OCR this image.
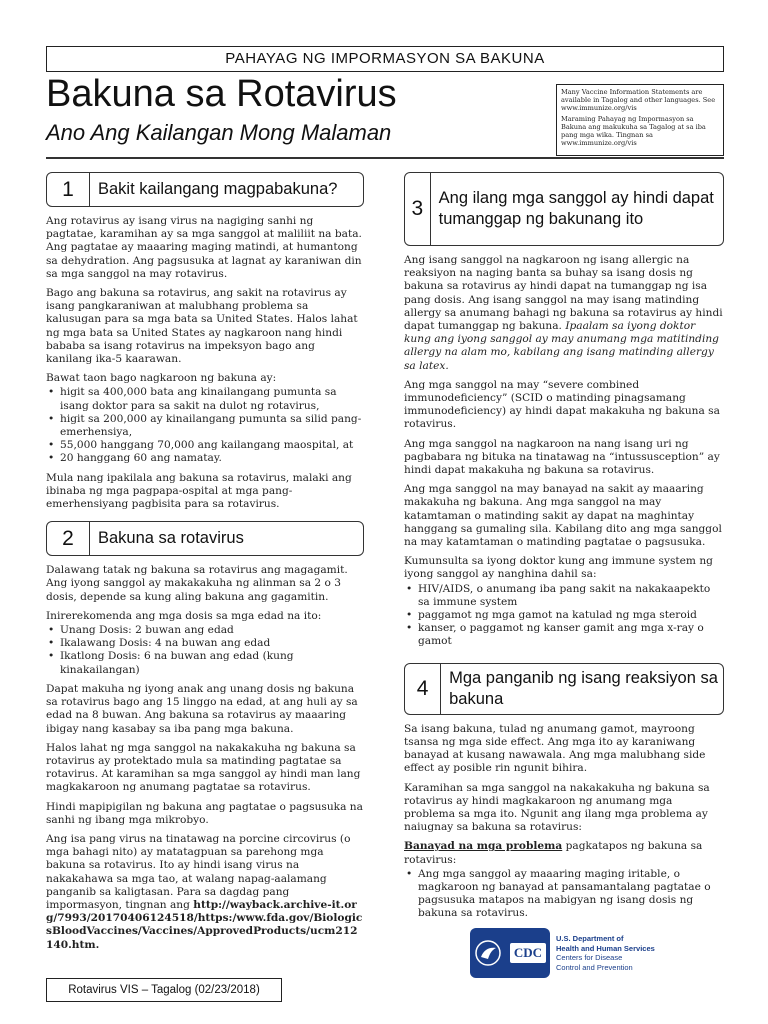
PAHAYAG NG IMPORMASYON SA BAKUNA
Bakuna sa Rotavirus
Ano Ang Kailangan Mong Malaman

Many Vaccine Information Statements are available in Tagalog and other languages. See www.immunize.org/vis

Maraming Pahayag ng Impormasyon sa Bakuna ang makukuha sa Tagalog at sa iba pang mga wika. Tingnan sa www.immunize.org/vis

1	Bakit kailangang magpabakuna?

Ang rotavirus ay isang virus na nagiging sanhi ng pagtatae, karamihan ay sa mga sanggol at maliliit na bata. Ang pagtatae ay maaaring maging matindi, at humantong sa dehydration. Ang pagsusuka at lagnat ay karaniwan din sa mga sanggol na may rotavirus.

Bago ang bakuna sa rotavirus, ang sakit na rotavirus ay isang pangkaraniwan at malubhang problema sa kalusugan para sa mga bata sa United States. Halos lahat ng mga bata sa United States ay nagkaroon nang hindi bababa sa isang rotavirus na impeksyon bago ang kanilang ika-5 kaarawan.

Bawat taon bago nagkaroon ng bakuna ay:

• higit sa 400,000 bata ang kinailangang pumunta sa isang doktor para sa sakit na dulot ng rotavirus,
• higit sa 200,000 ay kinailangang pumunta sa silid pang-emerhensiya,
• 55,000 hanggang 70,000 ang kailangang maospital, at
• 20 hanggang 60 ang namatay.

Mula nang ipakilala ang bakuna sa rotavirus, malaki ang ibinaba ng mga pagpapa-ospital at mga pang-emerhensiyang pagbisita para sa rotavirus.

2	Bakuna sa rotavirus

Dalawang tatak ng bakuna sa rotavirus ang magagamit. Ang iyong sanggol ay makakakuha ng alinman sa 2 o 3 dosis, depende sa kung aling bakuna ang gagamitin.

Inirerekomenda ang mga dosis sa mga edad na ito:

• Unang Dosis: 2 buwan ang edad
• Ikalawang Dosis: 4 na buwan ang edad
• Ikatlong Dosis: 6 na buwan ang edad (kung kinakailangan)

Dapat makuha ng iyong anak ang unang dosis ng bakuna sa rotavirus bago ang 15 linggo na edad, at ang huli ay sa edad na 8 buwan. Ang bakuna sa rotavirus ay maaaring ibigay nang kasabay sa iba pang mga bakuna.

Halos lahat ng mga sanggol na nakakakuha ng bakuna sa rotavirus ay protektado mula sa matinding pagtatae sa rotavirus. At karamihan sa mga sanggol ay hindi man lang magkakaroon ng anumang pagtatae sa rotavirus.

Hindi mapipigilan ng bakuna ang pagtatae o pagsusuka na sanhi ng ibang mga mikrobyo.

Ang isa pang virus na tinatawag na porcine circovirus (o mga bahagi nito) ay matatagpuan sa parehong mga bakuna sa rotavirus. Ito ay hindi isang virus na nakakahawa sa mga tao, at walang napag-aalamang panganib sa kaligtasan. Para sa dagdag pang impormasyon, tingnan ang http://wayback.archive-it.org/7993/20170406124518/https:/www.fda.gov/BiologicsBloodVaccines/Vaccines/ApprovedProducts/ucm212140.htm.

3 Ang ilang mga sanggol ay hindi dapat tumanggap ng bakunang ito

Ang isang sanggol na nagkaroon ng isang allergic na reaksiyon na naging banta sa buhay sa isang dosis ng bakuna sa rotavirus ay hindi dapat na tumanggap ng isa pang dosis. Ang isang sanggol na may isang matinding allergy sa anumang bahagi ng bakuna sa rotavirus ay hindi dapat tumanggap ng bakuna. Ipaalam sa iyong doktor kung ang iyong sanggol ay may anumang mga matitinding allergy na alam mo, kabilang ang isang matinding allergy sa latex.

Ang mga sanggol na may “severe combined immunodeficiency” (SCID o matinding pinagsamang immunodeficiency) ay hindi dapat makakuha ng bakuna sa rotavirus.

Ang mga sanggol na nagkaroon na nang isang uri ng pagbabara ng bituka na tinatawag na “intussusception” ay hindi dapat makakuha ng bakuna sa rotavirus.

Ang mga sanggol na may banayad na sakit ay maaaring makakuha ng bakuna. Ang mga sanggol na may katamtaman o matinding sakit ay dapat na maghintay hanggang sa gumaling sila. Kabilang dito ang mga sanggol na may katamtaman o matinding pagtatae o pagsusuka.

Kumunsulta sa iyong doktor kung ang immune system ng iyong sanggol ay nanghina dahil sa:

• HIV/AIDS, o anumang iba pang sakit na nakakaapekto sa immune system
• paggamot ng mga gamot na katulad ng mga steroid
• kanser, o paggamot ng kanser gamit ang mga x-ray o gamot
4	Mga panganib ng isang reaksiyon sa bakuna

Sa isang bakuna, tulad ng anumang gamot, mayroong tsansa ng mga side effect. Ang mga ito ay karaniwang banayad at kusang nawawala. Ang mga malubhang side effect ay posible rin ngunit bihira.

Karamihan sa mga sanggol na nakakakuha ng bakuna sa rotavirus ay hindi magkakaroon ng anumang mga problema sa mga ito. Ngunit ang ilang mga problema ay naiugnay sa bakuna sa rotavirus:

Banayad na mga problema pagkatapos ng bakuna sa rotavirus:

• Ang mga sanggol ay maaaring maging iritable, o magkaroon ng banayad at pansamantalang pagtatae o pagsusuka matapos na mabigyan ng isang dosis ng bakuna sa rotavirus.
Rotavirus VIS – Tagalog (02/23/2018)
CDC
U.S. Department of
Health and Human Services
Centers for Disease
Control and Prevention
